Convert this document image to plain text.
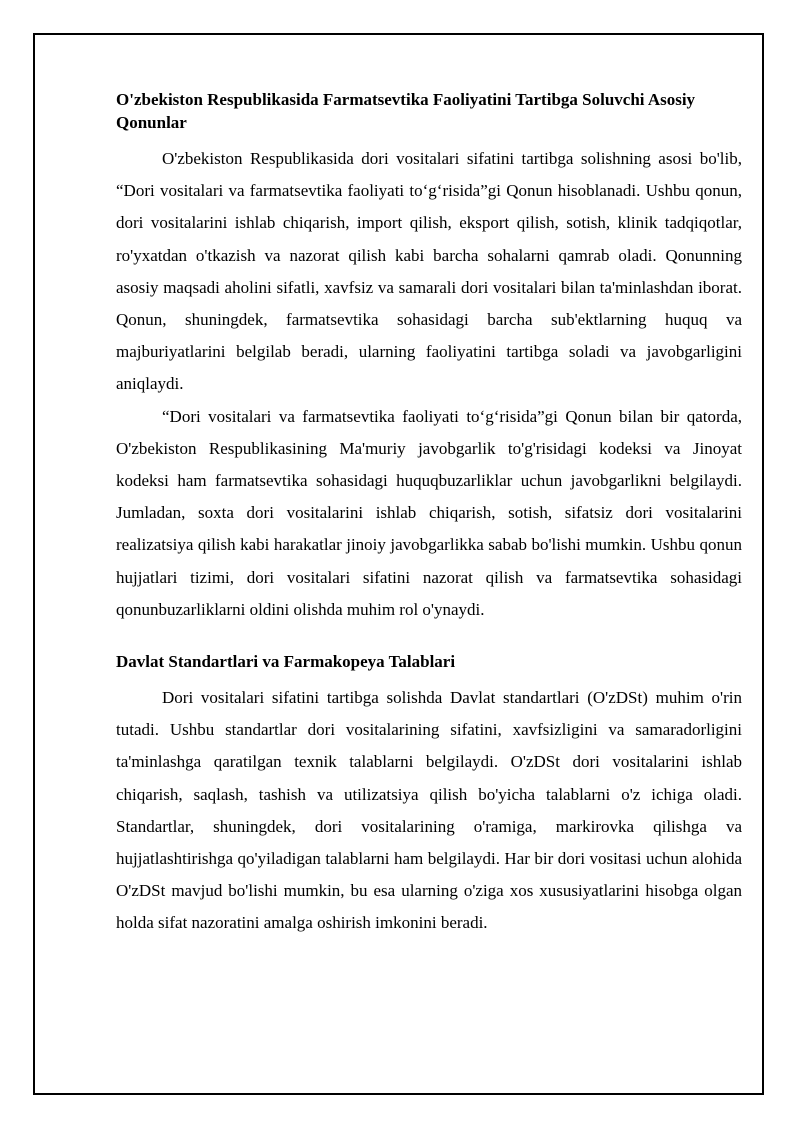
O'zbekiston Respublikasida Farmatsevtika Faoliyatini Tartibga Soluvchi Asosiy Qonunlar

O'zbekiston Respublikasida dori vositalari sifatini tartibga solishning asosi bo'lib, “Dori vositalari va farmatsevtika faoliyati to‘g‘risida”gi Qonun hisoblanadi. Ushbu qonun, dori vositalarini ishlab chiqarish, import qilish, eksport qilish, sotish, klinik tadqiqotlar, ro'yxatdan o'tkazish va nazorat qilish kabi barcha sohalarni qamrab oladi. Qonunning asosiy maqsadi aholini sifatli, xavfsiz va samarali dori vositalari bilan ta'minlashdan iborat. Qonun, shuningdek, farmatsevtika sohasidagi barcha sub'ektlarning huquq va majburiyatlarini belgilab beradi, ularning faoliyatini tartibga soladi va javobgarligini aniqlaydi.

“Dori vositalari va farmatsevtika faoliyati to‘g‘risida”gi Qonun bilan bir qatorda, O'zbekiston Respublikasining Ma'muriy javobgarlik to'g'risidagi kodeksi va Jinoyat kodeksi ham farmatsevtika sohasidagi huquqbuzarliklar uchun javobgarlikni belgilaydi. Jumladan, soxta dori vositalarini ishlab chiqarish, sotish, sifatsiz dori vositalarini realizatsiya qilish kabi harakatlar jinoiy javobgarlikka sabab bo'lishi mumkin. Ushbu qonun hujjatlari tizimi, dori vositalari sifatini nazorat qilish va farmatsevtika sohasidagi qonunbuzarliklarni oldini olishda muhim rol o'ynaydi.

Davlat Standartlari va Farmakopeya Talablari

Dori vositalari sifatini tartibga solishda Davlat standartlari (O'zDSt) muhim o'rin tutadi. Ushbu standartlar dori vositalarining sifatini, xavfsizligini va samaradorligini ta'minlashga qaratilgan texnik talablarni belgilaydi. O'zDSt dori vositalarini ishlab chiqarish, saqlash, tashish va utilizatsiya qilish bo'yicha talablarni o'z ichiga oladi. Standartlar, shuningdek, dori vositalarining o'ramiga, markirovka qilishga va hujjatlashtirishga qo'yiladigan talablarni ham belgilaydi. Har bir dori vositasi uchun alohida O'zDSt mavjud bo'lishi mumkin, bu esa ularning o'ziga xos xususiyatlarini hisobga olgan holda sifat nazoratini amalga oshirish imkonini beradi.
